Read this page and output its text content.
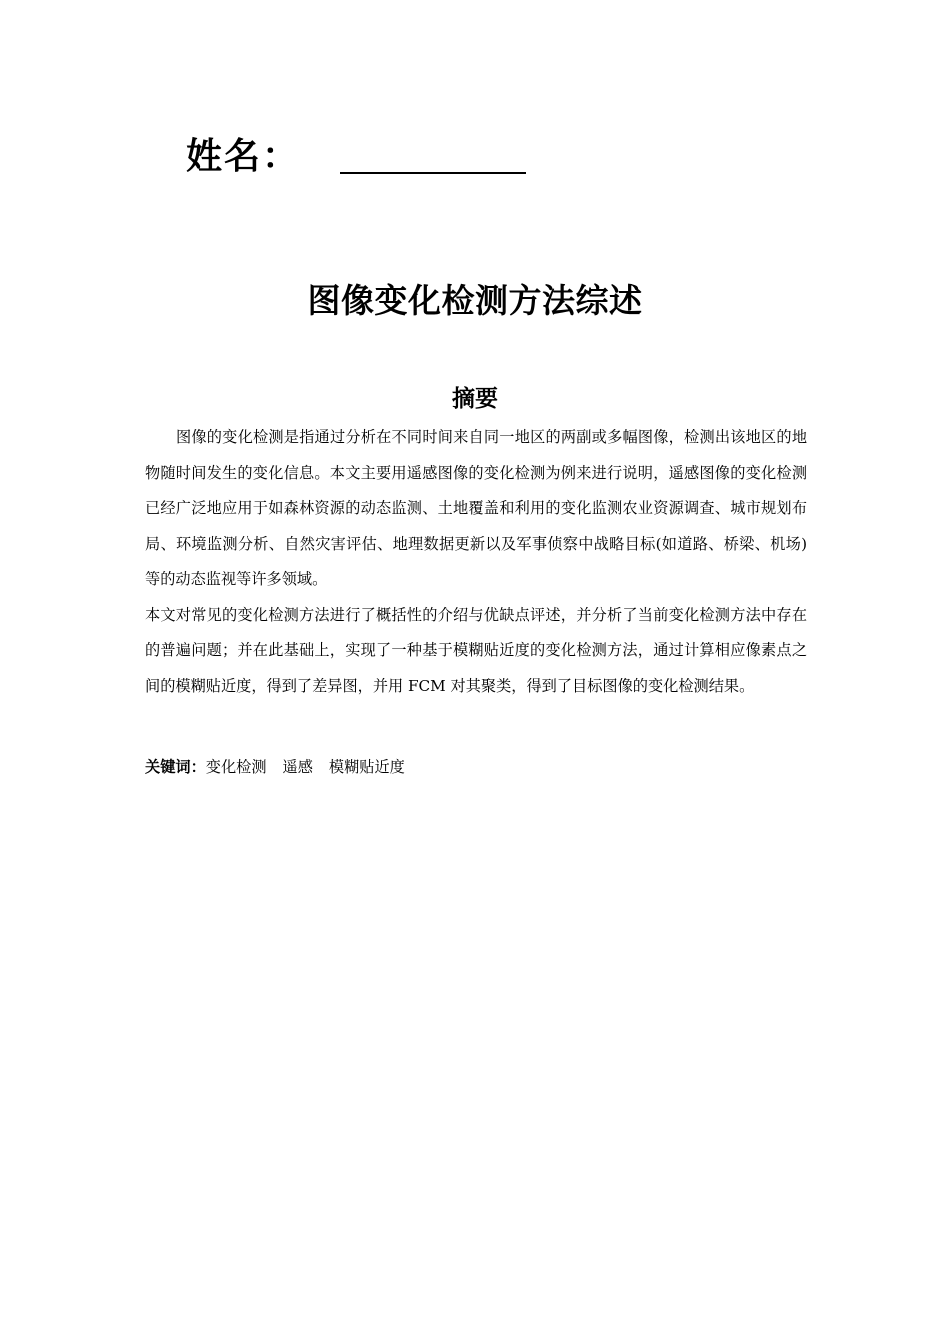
姓名：
图像变化检测方法综述
摘要

图像的变化检测是指通过分析在不同时间来自同一地区的两副或多幅图像，检测出该地区的地物随时间发生的变化信息。本文主要用遥感图像的变化检测为例来进行说明，遥感图像的变化检测已经广泛地应用于如森林资源的动态监测、土地覆盖和利用的变化监测农业资源调查、城市规划布局、环境监测分析、自然灾害评估、地理数据更新以及军事侦察中战略目标(如道路、桥梁、机场)等的动态监视等许多领域。

本文对常见的变化检测方法进行了概括性的介绍与优缺点评述，并分析了当前变化检测方法中存在的普遍问题；并在此基础上，实现了一种基于模糊贴近度的变化检测方法，通过计算相应像素点之间的模糊贴近度，得到了差异图，并用 FCM 对其聚类，得到了目标图像的变化检测结果。

关键词：变化检测 遥感 模糊贴近度
